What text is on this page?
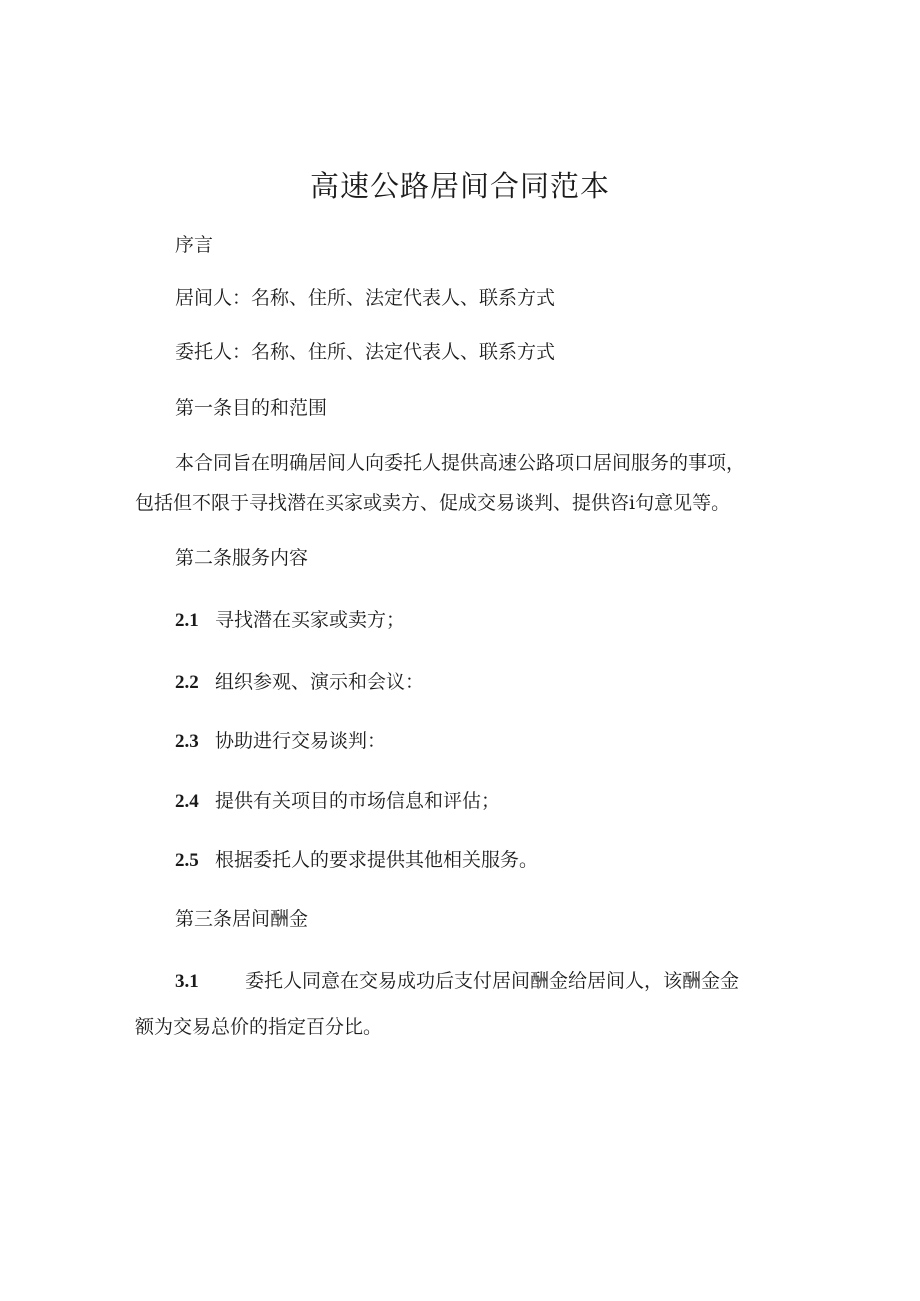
高速公路居间合同范本
序言
居间人：名称、住所、法定代表人、联系方式
委托人：名称、住所、法定代表人、联系方式
第一条目的和范围
本合同旨在明确居间人向委托人提供高速公路项口居间服务的事项，
包括但不限于寻找潜在买家或卖方、促成交易谈判、提供咨i句意见等。
第二条服务内容
2.1 寻找潜在买家或卖方；
2.2 组织参观、演示和会议：
2.3 协助进行交易谈判：
2.4 提供有关项目的市场信息和评估；
2.5 根据委托人的要求提供其他相关服务。
第三条居间酬金
3.1 委托人同意在交易成功后支付居间酬金给居间人，该酬金金
额为交易总价的指定百分比。
